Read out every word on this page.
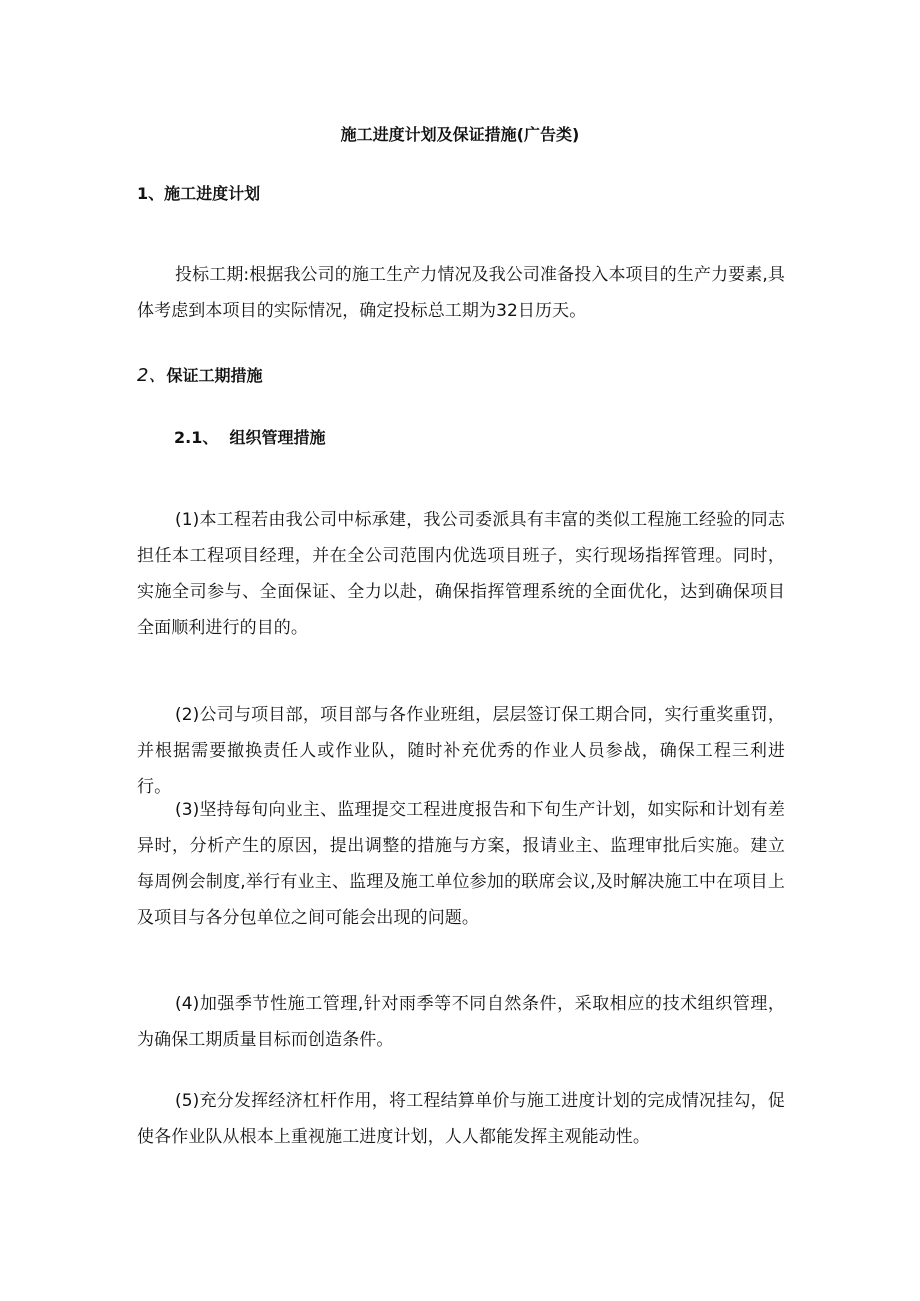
施工进度计划及保证措施(广告类)
1、施工进度计划
投标工期:根据我公司的施工生产力情况及我公司准备投入本项目的生产力要素,具体考虑到本项目的实际情况，确定投标总工期为32日历天。
2、保证工期措施
2.1、  组织管理措施
(1)本工程若由我公司中标承建，我公司委派具有丰富的类似工程施工经验的同志担任本工程项目经理，并在全公司范围内优选项目班子，实行现场指挥管理。同时，实施全司参与、全面保证、全力以赴，确保指挥管理系统的全面优化，达到确保项目全面顺利进行的目的。
(2)公司与项目部，项目部与各作业班组，层层签订保工期合同，实行重奖重罚，并根据需要撤换责任人或作业队，随时补充优秀的作业人员参战，确保工程三利进行。
(3)坚持每旬向业主、监理提交工程进度报告和下旬生产计划，如实际和计划有差异时，分析产生的原因，提出调整的措施与方案，报请业主、监理审批后实施。建立每周例会制度,举行有业主、监理及施工单位参加的联席会议,及时解决施工中在项目上及项目与各分包单位之间可能会出现的问题。
(4)加强季节性施工管理,针对雨季等不同自然条件，采取相应的技术组织管理，为确保工期质量目标而创造条件。
(5)充分发挥经济杠杆作用，将工程结算单价与施工进度计划的完成情况挂勾，促使各作业队从根本上重视施工进度计划，人人都能发挥主观能动性。
